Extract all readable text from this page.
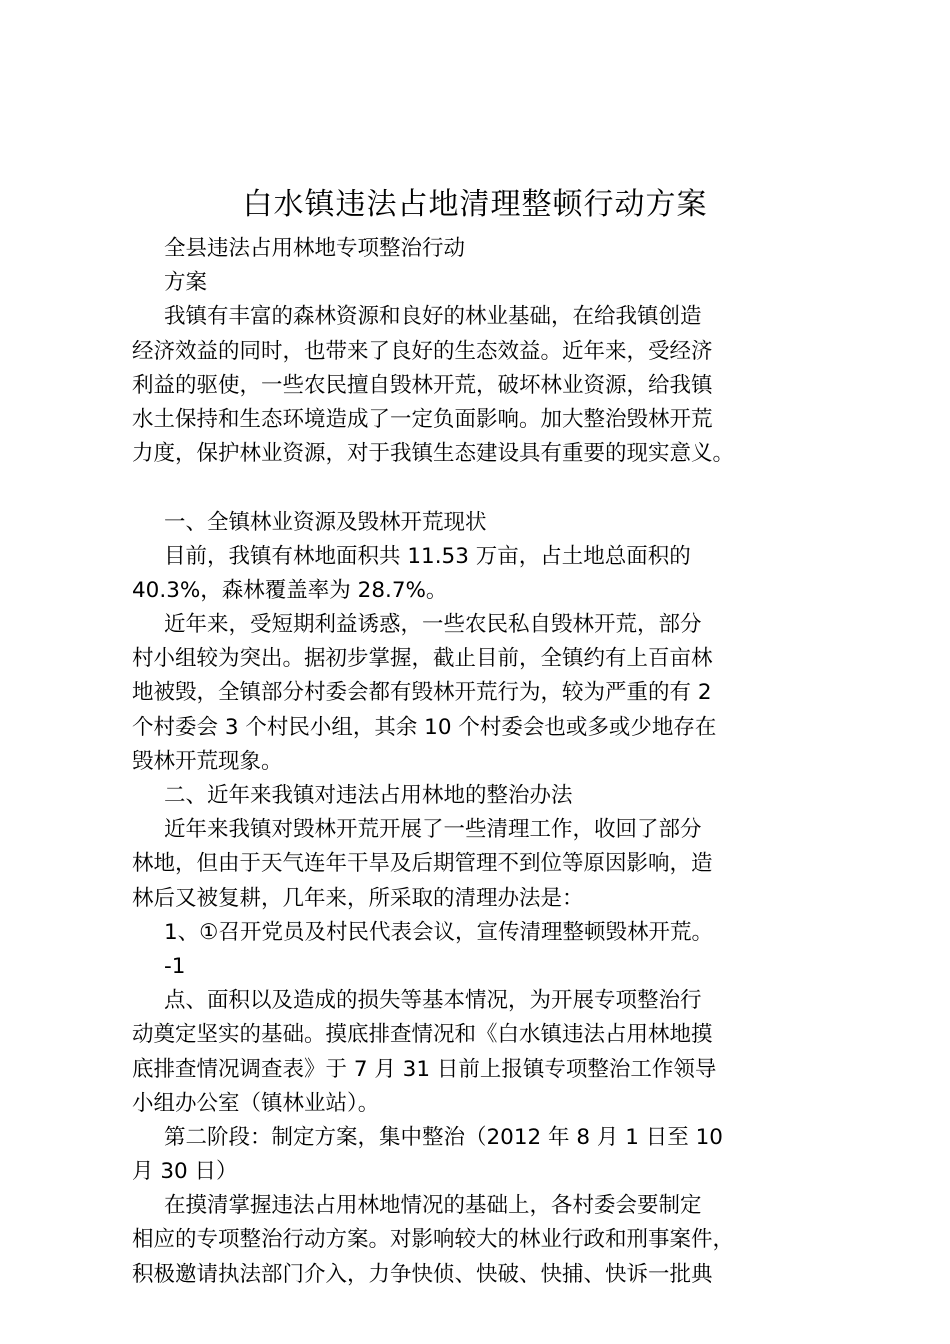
白水镇违法占地清理整顿行动方案
全县违法占用林地专项整治行动
方案
我镇有丰富的森林资源和良好的林业基础，在给我镇创造
经济效益的同时，也带来了良好的生态效益。近年来，受经济
利益的驱使，一些农民擅自毁林开荒，破坏林业资源，给我镇
水土保持和生态环境造成了一定负面影响。加大整治毁林开荒
力度，保护林业资源，对于我镇生态建设具有重要的现实意义。
一、全镇林业资源及毁林开荒现状
目前，我镇有林地面积共 11.53 万亩，占土地总面积的
40.3%，森林覆盖率为 28.7%。
近年来，受短期利益诱惑，一些农民私自毁林开荒，部分
村小组较为突出。据初步掌握，截止目前，全镇约有上百亩林
地被毁，全镇部分村委会都有毁林开荒行为，较为严重的有 2
个村委会 3 个村民小组，其余 10 个村委会也或多或少地存在
毁林开荒现象。
二、近年来我镇对违法占用林地的整治办法
近年来我镇对毁林开荒开展了一些清理工作，收回了部分
林地，但由于天气连年干旱及后期管理不到位等原因影响，造
林后又被复耕，几年来，所采取的清理办法是：
1、①召开党员及村民代表会议，宣传清理整顿毁林开荒。
-1
点、面积以及造成的损失等基本情况，为开展专项整治行
动奠定坚实的基础。摸底排查情况和《白水镇违法占用林地摸
底排查情况调查表》于 7 月 31 日前上报镇专项整治工作领导
小组办公室（镇林业站）。
第二阶段：制定方案，集中整治（2012 年 8 月 1 日至 10
月 30 日）
在摸清掌握违法占用林地情况的基础上，各村委会要制定
相应的专项整治行动方案。对影响较大的林业行政和刑事案件，
积极邀请执法部门介入，力争快侦、快破、快捕、快诉一批典
